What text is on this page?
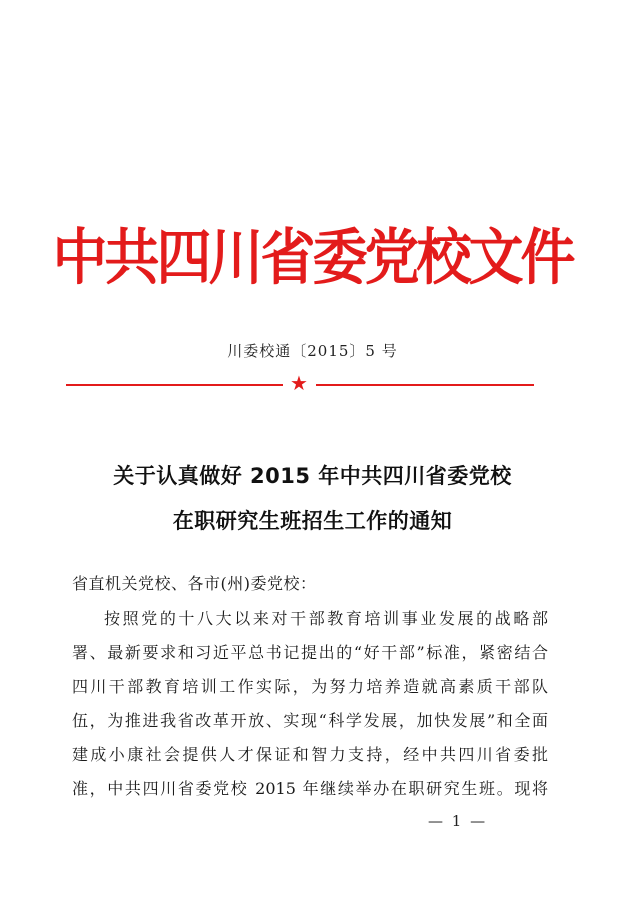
中共四川省委党校文件
川委校通〔2015〕5 号
★
关于认真做好 2015 年中共四川省委党校
在职研究生班招生工作的通知
省直机关党校、各市(州)委党校：
按照党的十八大以来对干部教育培训事业发展的战略部
署、最新要求和习近平总书记提出的“好干部”标准，紧密结合
四川干部教育培训工作实际，为努力培养造就高素质干部队
伍，为推进我省改革开放、实现“科学发展，加快发展”和全面
建成小康社会提供人才保证和智力支持，经中共四川省委批
准，中共四川省委党校 2015 年继续举办在职研究生班。现将
— 1 —
